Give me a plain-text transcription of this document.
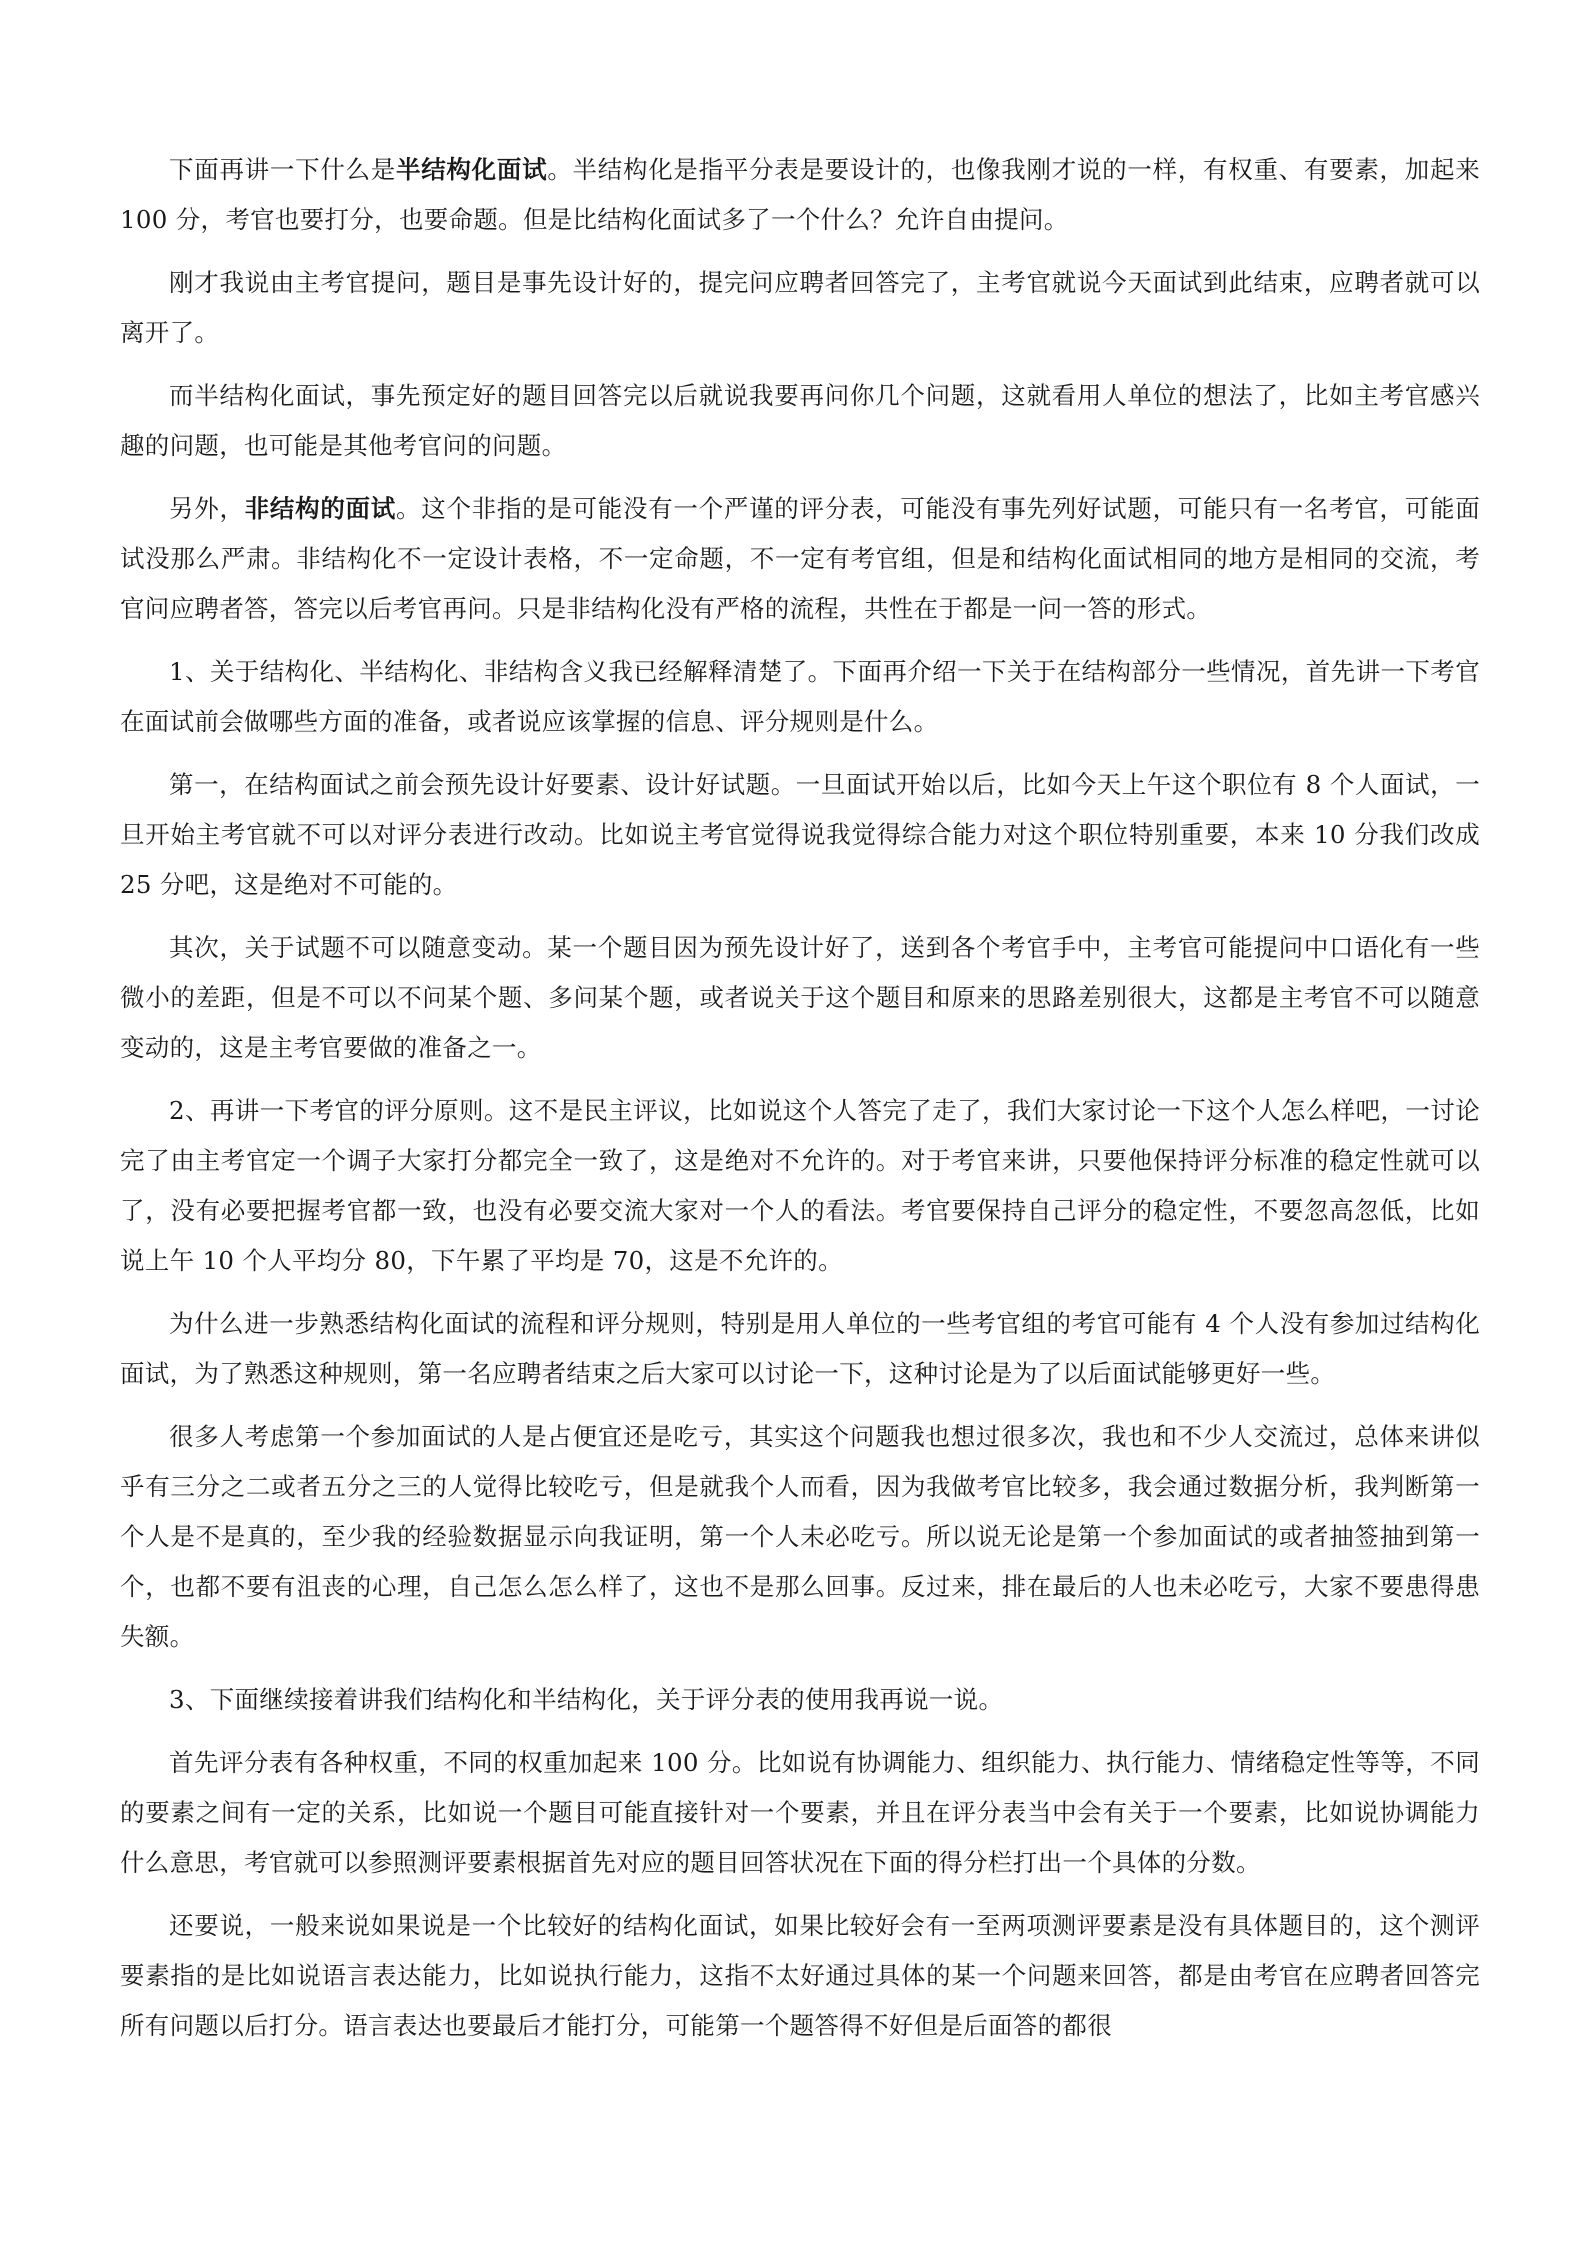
下面再讲一下什么是半结构化面试。半结构化是指平分表是要设计的，也像我刚才说的一样，有权重、有要素，加起来 100 分，考官也要打分，也要命题。但是比结构化面试多了一个什么？允许自由提问。

刚才我说由主考官提问，题目是事先设计好的，提完问应聘者回答完了，主考官就说今天面试到此结束，应聘者就可以离开了。

而半结构化面试，事先预定好的题目回答完以后就说我要再问你几个问题，这就看用人单位的想法了，比如主考官感兴趣的问题，也可能是其他考官问的问题。

另外，非结构的面试。这个非指的是可能没有一个严谨的评分表，可能没有事先列好试题，可能只有一名考官，可能面试没那么严肃。非结构化不一定设计表格，不一定命题，不一定有考官组，但是和结构化面试相同的地方是相同的交流，考官问应聘者答，答完以后考官再问。只是非结构化没有严格的流程，共性在于都是一问一答的形式。

1、关于结构化、半结构化、非结构含义我已经解释清楚了。下面再介绍一下关于在结构部分一些情况，首先讲一下考官在面试前会做哪些方面的准备，或者说应该掌握的信息、评分规则是什么。

第一，在结构面试之前会预先设计好要素、设计好试题。一旦面试开始以后，比如今天上午这个职位有 8 个人面试，一旦开始主考官就不可以对评分表进行改动。比如说主考官觉得说我觉得综合能力对这个职位特别重要，本来 10 分我们改成 25 分吧，这是绝对不可能的。

其次，关于试题不可以随意变动。某一个题目因为预先设计好了，送到各个考官手中，主考官可能提问中口语化有一些微小的差距，但是不可以不问某个题、多问某个题，或者说关于这个题目和原来的思路差别很大，这都是主考官不可以随意变动的，这是主考官要做的准备之一。

2、再讲一下考官的评分原则。这不是民主评议，比如说这个人答完了走了，我们大家讨论一下这个人怎么样吧，一讨论完了由主考官定一个调子大家打分都完全一致了，这是绝对不允许的。对于考官来讲，只要他保持评分标准的稳定性就可以了，没有必要把握考官都一致，也没有必要交流大家对一个人的看法。考官要保持自己评分的稳定性，不要忽高忽低，比如说上午 10 个人平均分 80，下午累了平均是 70，这是不允许的。

为什么进一步熟悉结构化面试的流程和评分规则，特别是用人单位的一些考官组的考官可能有 4 个人没有参加过结构化面试，为了熟悉这种规则，第一名应聘者结束之后大家可以讨论一下，这种讨论是为了以后面试能够更好一些。

很多人考虑第一个参加面试的人是占便宜还是吃亏，其实这个问题我也想过很多次，我也和不少人交流过，总体来讲似乎有三分之二或者五分之三的人觉得比较吃亏，但是就我个人而看，因为我做考官比较多，我会通过数据分析，我判断第一个人是不是真的，至少我的经验数据显示向我证明，第一个人未必吃亏。所以说无论是第一个参加面试的或者抽签抽到第一个，也都不要有沮丧的心理，自己怎么怎么样了，这也不是那么回事。反过来，排在最后的人也未必吃亏，大家不要患得患失额。

3、下面继续接着讲我们结构化和半结构化，关于评分表的使用我再说一说。

首先评分表有各种权重，不同的权重加起来 100 分。比如说有协调能力、组织能力、执行能力、情绪稳定性等等，不同的要素之间有一定的关系，比如说一个题目可能直接针对一个要素，并且在评分表当中会有关于一个要素，比如说协调能力什么意思，考官就可以参照测评要素根据首先对应的题目回答状况在下面的得分栏打出一个具体的分数。

还要说，一般来说如果说是一个比较好的结构化面试，如果比较好会有一至两项测评要素是没有具体题目的，这个测评要素指的是比如说语言表达能力，比如说执行能力，这指不太好通过具体的某一个问题来回答，都是由考官在应聘者回答完所有问题以后打分。语言表达也要最后才能打分，可能第一个题答得不好但是后面答的都很
